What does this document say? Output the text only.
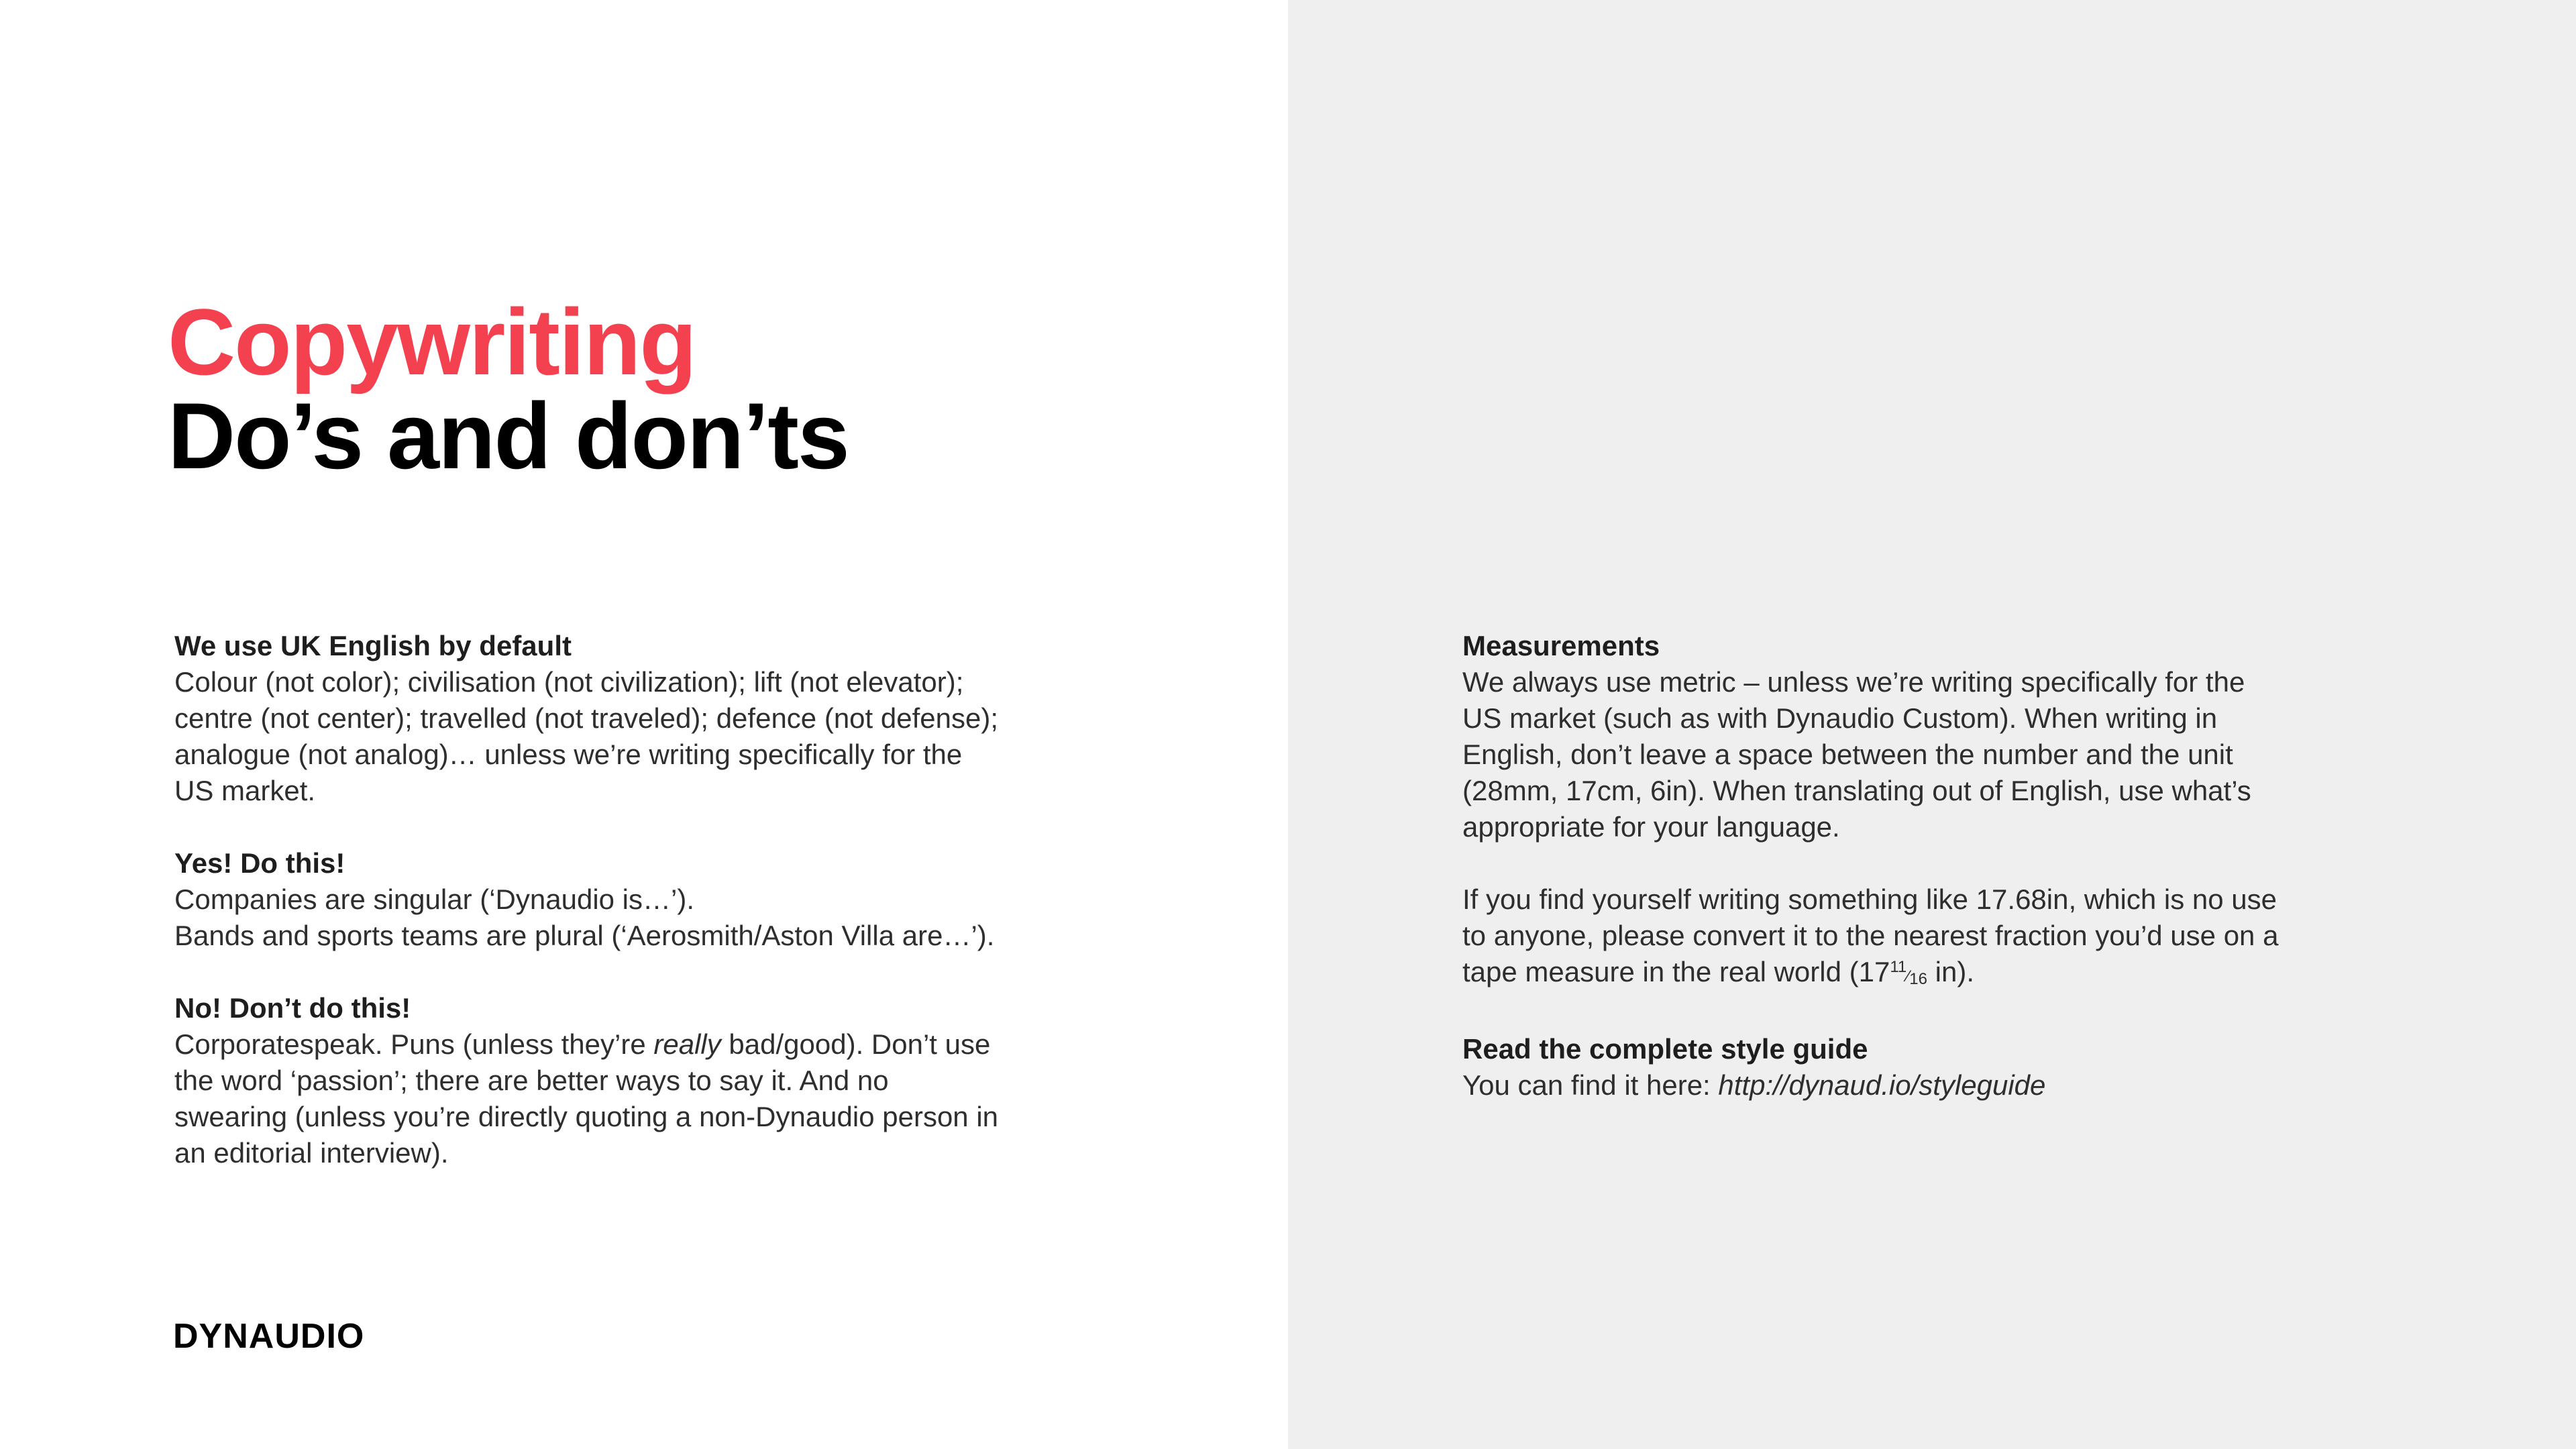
Copywriting
Do’s and don’ts
We use UK English by default

Colour (not color); civilisation (not civilization); lift (not elevator); centre (not center); travelled (not traveled); defence (not defense); analogue (not analog)… unless we’re writing specifically for the US market.

Yes! Do this!

Companies are singular (‘Dynaudio is…’).
Bands and sports teams are plural (‘Aerosmith/Aston Villa are…’).

No! Don’t do this!

Corporatespeak. Puns (unless they’re really bad/good). Don’t use the word ‘passion’; there are better ways to say it. And no swearing (unless you’re directly quoting a non-Dynaudio person in an editorial interview).

Measurements

We always use metric – unless we’re writing specifically for the US market (such as with Dynaudio Custom). When writing in English, don’t leave a space between the number and the unit (28mm, 17cm, 6in). When translating out of English, use what’s appropriate for your language.

If you find yourself writing something like 17.68in, which is no use to anyone, please convert it to the nearest fraction you’d use on a tape measure in the real world (1711⁄16 in).

Read the complete style guide

You can find it here: http://dynaud.io/styleguide

DYNAUDIO
